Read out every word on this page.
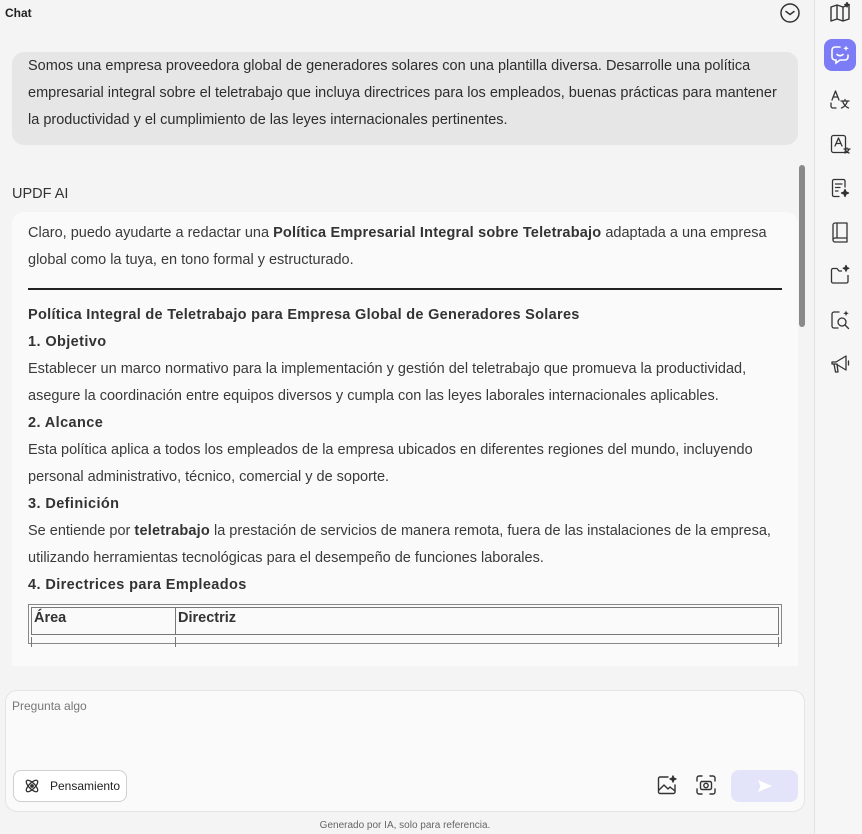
Chat
Somos una empresa proveedora global de generadores solares con una plantilla diversa. Desarrolle una política empresarial integral sobre el teletrabajo que incluya directrices para los empleados, buenas prácticas para mantener la productividad y el cumplimiento de las leyes internacionales pertinentes.
UPDF AI
Claro, puedo ayudarte a redactar una Política Empresarial Integral sobre Teletrabajo adaptada a una empresa global como la tuya, en tono formal y estructurado.
Política Integral de Teletrabajo para Empresa Global de Generadores Solares
1. Objetivo
Establecer un marco normativo para la implementación y gestión del teletrabajo que promueva la productividad, asegure la coordinación entre equipos diversos y cumpla con las leyes laborales internacionales aplicables.
2. Alcance
Esta política aplica a todos los empleados de la empresa ubicados en diferentes regiones del mundo, incluyendo personal administrativo, técnico, comercial y de soporte.
3. Definición
Se entiende por teletrabajo la prestación de servicios de manera remota, fuera de las instalaciones de la empresa, utilizando herramientas tecnológicas para el desempeño de funciones laborales.
4. Directrices para Empleados
Área	Directriz
Pregunta algo
Pensamiento
Generado por IA, solo para referencia.
